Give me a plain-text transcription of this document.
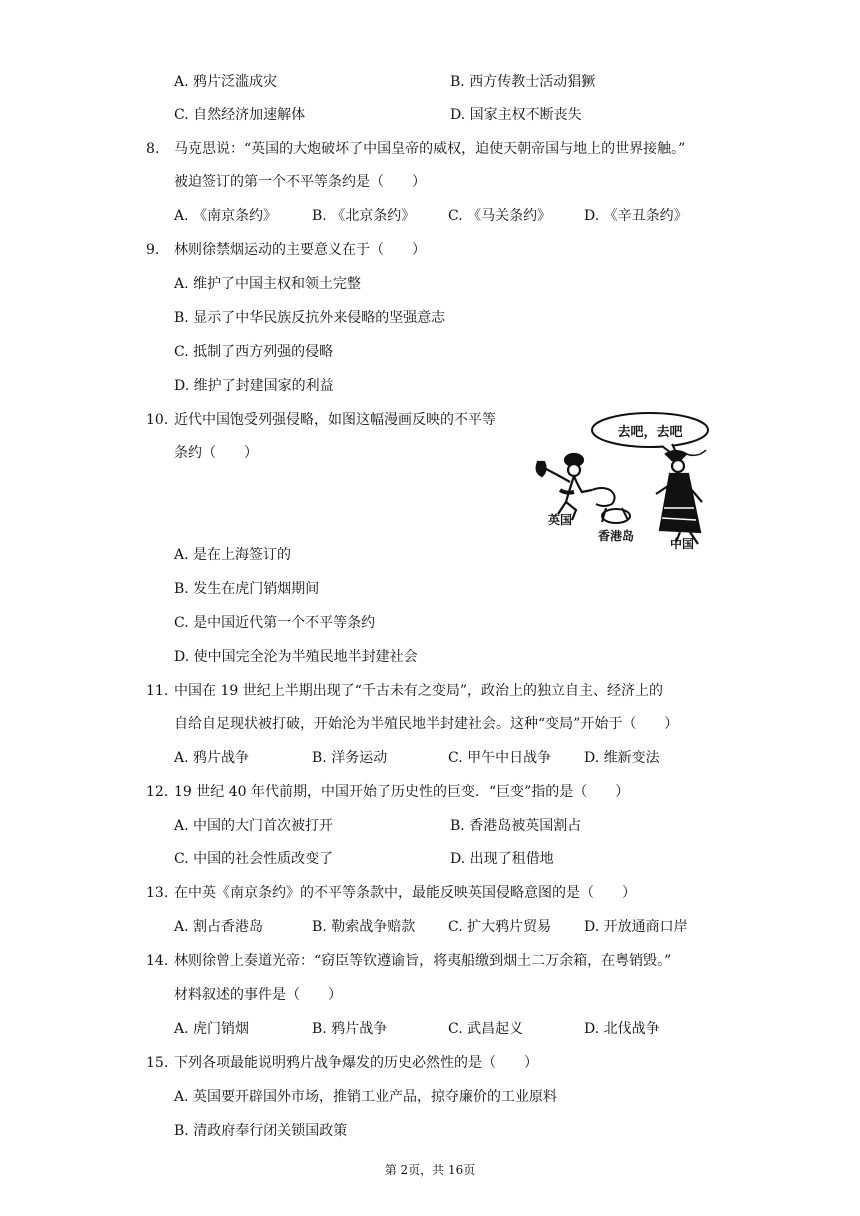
A. 鸦片泛滥成灾	B. 西方传教士活动猖獗
C. 自然经济加速解体	D. 国家主权不断丧失
8. 马克思说：“英国的大炮破坏了中国皇帝的威权，迫使天朝帝国与地上的世界接触。”
被迫签订的第一个不平等条约是（　　）
A. 《南京条约》 B. 《北京条约》 C. 《马关条约》 D. 《辛丑条约》
9. 林则徐禁烟运动的主要意义在于（　　）
A. 维护了中国主权和领土完整
B. 显示了中华民族反抗外来侵略的坚强意志
C. 抵制了西方列强的侵略
D. 维护了封建国家的利益
10. 近代中国饱受列强侵略，如图这幅漫画反映的不平等
条约（　　）
去吧，去吧
英国
香港岛
中国
A. 是在上海签订的
B. 发生在虎门销烟期间
C. 是中国近代第一个不平等条约
D. 使中国完全沦为半殖民地半封建社会
11. 中国在 19 世纪上半期出现了“千古未有之变局”，政治上的独立自主、经济上的
自给自足现状被打破，开始沦为半殖民地半封建社会。这种“变局”开始于（　　）
A. 鸦片战争	B. 洋务运动	C. 甲午中日战争 D. 维新变法
12. 19 世纪 40 年代前期，中国开始了历史性的巨变．“巨变”指的是（　　）
A. 中国的大门首次被打开	B. 香港岛被英国割占
C. 中国的社会性质改变了	D. 出现了租借地
13. 在中英《南京条约》的不平等条款中，最能反映英国侵略意图的是（　　）
A. 割占香港岛	B. 勒索战争赔款 C. 扩大鸦片贸易 D. 开放通商口岸
14. 林则徐曾上奏道光帝：“窃臣等钦遵谕旨，将夷船缴到烟土二万余箱，在粤销毁。”
材料叙述的事件是（　　）
A. 虎门销烟	B. 鸦片战争	C. 武昌起义	D. 北伐战争
15. 下列各项最能说明鸦片战争爆发的历史必然性的是（　　）
A. 英国要开辟国外市场，推销工业产品，掠夺廉价的工业原料
B. 清政府奉行闭关锁国政策
第 2页，共 16页
